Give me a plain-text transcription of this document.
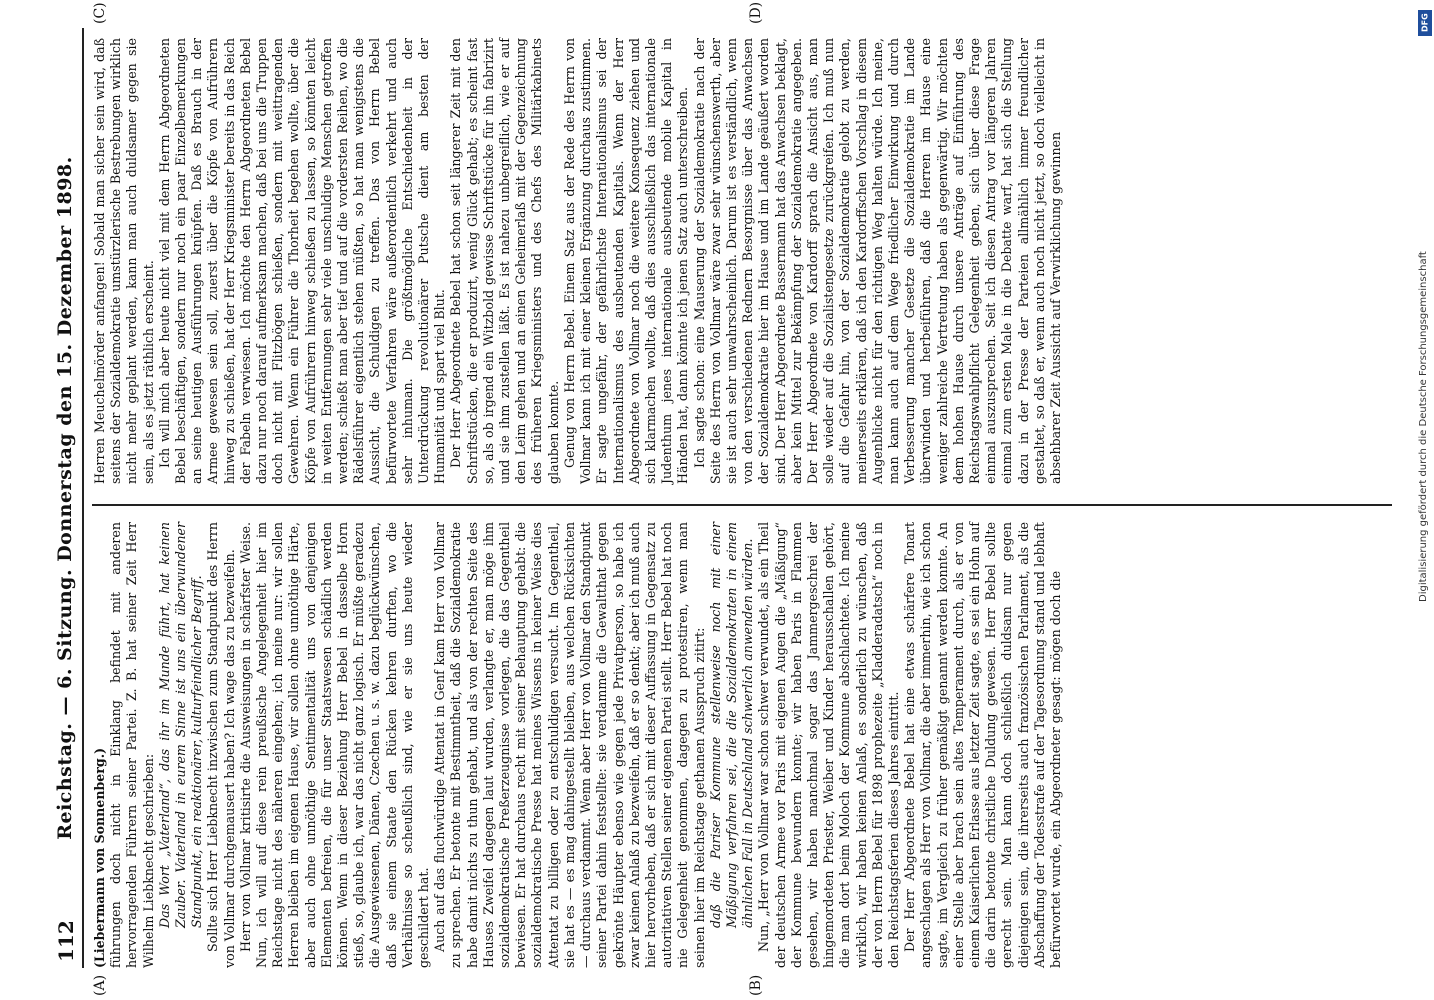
112
Reichstag. — 6. Sitzung. Donnerstag den 15. Dezember 1898.

(Liebermann von Sonnenberg.) führungen doch nicht in Einklang befindet mit anderen hervorragenden Führern seiner Partei. Z. B. hat seiner Zeit Herr Wilhelm Liebknecht geschrieben: Das Wort „Vaterland“, das ihr im Munde führt, hat keinen Zauber. Vaterland in eurem Sinne ist uns ein überwundener Standpunkt, ein reaktionärer, kulturfeindlicher Begriff. Sollte sich Herr Liebknecht inzwischen zum Standpunkt des Herrn von Vollmar durchgemausert haben? Ich wage das zu bezweifeln. Herr von Vollmar kritisirte die Ausweisungen in schärfster Weise. Nun, ich will auf diese rein preußische Angelegenheit hier im Reichstage nicht des näheren eingehen; ich meine nur: wir sollen Herren bleiben im eigenen Hause, wir sollen ohne unnöthige Härte, aber auch ohne unnöthige Sentimentalität uns von denjenigen Elementen befreien, die für unser Staatswesen schädlich werden können. Wenn in dieser Beziehung Herr Bebel in dasselbe Horn stieß, so, glaube ich, war das nicht ganz logisch. Er müßte geradezu die Ausgewiesenen, Dänen, Czechen u. s. w. dazu beglückwünschen, daß sie einem Staate den Rücken kehren durften, wo die Verhältnisse so scheußlich sind, wie er sie uns heute wieder geschildert hat. Auch auf das fluchwürdige Attentat in Genf kam Herr von Vollmar zu sprechen. Er betonte mit Bestimmtheit, daß die Sozialdemokratie habe damit nichts zu thun gehabt, und als von der rechten Seite des Hauses Zweifel dagegen laut wurden, verlangte er, man möge ihm sozialdemokratische Preßerzeugnisse vorlegen, die das Gegentheil bewiesen. Er hat durchaus recht mit seiner Behauptung gehabt: die sozialdemokratische Presse hat meines Wissens in keiner Weise dies Attentat zu billigen oder zu entschuldigen versucht. Im Gegentheil, sie hat es — es mag dahingestellt bleiben, aus welchen Rücksichten — durchaus verdammt. Wenn aber Herr von Vollmar den Standpunkt seiner Partei dahin feststellte: sie verdamme die Gewaltthat gegen gekrönte Häupter ebenso wie gegen jede Privatperson, so habe ich zwar keinen Anlaß zu bezweifeln, daß er so denkt; aber ich muß auch hier hervorheben, daß er sich mit dieser Auffassung in Gegensatz zu autoritativen Stellen seiner eigenen Partei stellt. Herr Bebel hat noch nie Gelegenheit genommen, dagegen zu protestiren, wenn man seinen hier im Reichstage gethanen Ausspruch zitirt: daß die Pariser Kommune stellenweise noch mit einer Mäßigung verfahren sei, die die Sozialdemokraten in einem ähnlichen Fall in Deutschland schwerlich anwenden würden. Nun, „Herr von Vollmar war schon schwer verwundet, als ein Theil der deutschen Armee vor Paris mit eigenen Augen die „Mäßigung“ der Kommune bewundern konnte; wir haben Paris in Flammen gesehen, wir haben manchmal sogar das Jammergeschrei der hingemordeten Priester, Weiber und Kinder herausschallen gehört, die man dort beim Moloch der Kommune abschlachtete. Ich meine wirklich, wir haben keinen Anlaß, es sonderlich zu wünschen, daß der von Herrn Bebel für 1898 prophezeite „Kladderadatsch“ noch in den Reichstagsferien dieses Jahres eintritt. Der Herr Abgeordnete Bebel hat eine etwas schärfere Tonart angeschlagen als Herr von Vollmar, die aber immerhin, wie ich schon sagte, im Vergleich zu früher gemäßigt genannt werden konnte. An einer Stelle aber brach sein altes Temperament durch, als er von einem Kaiserlichen Erlasse aus letzter Zeit sagte, es sei ein Hohn auf die darin betonte christliche Duldung gewesen. Herr Bebel sollte gerecht sein. Man kann doch schließlich duldsam nur gegen diejenigen sein, die ihrerseits auch französischen Parlament, als die Abschaffung der Todesstrafe auf der Tagesordnung stand und lebhaft befürwortet wurde, ein Abgeordneter gesagt: mögen doch die

Herren Meuchelmörder anfangen! Sobald man sicher sein wird, daß seitens der Sozialdemokratie umstürzlerische Bestrebungen wirklich nicht mehr geplant werden, kann man auch duldsamer gegen sie sein, als es jetzt räthlich erscheint. Ich will mich aber heute nicht viel mit dem Herrn Abgeordneten Bebel beschäftigen, sondern nur noch ein paar Einzelbemerkungen an seine heutigen Ausführungen knüpfen. Daß es Brauch in der Armee gewesen sein soll, zuerst über die Köpfe von Aufrührern hinweg zu schießen, hat der Herr Kriegsminister bereits in das Reich der Fabeln verwiesen. Ich möchte den Herrn Abgeordneten Bebel dazu nur noch darauf aufmerksam machen, daß bei uns die Truppen doch nicht mit Flitzbögen schießen, sondern mit weittragenden Gewehren. Wenn ein Führer die Thorheit begehen wollte, über die Köpfe von Aufrührern hinweg schießen zu lassen, so könnten leicht in weiten Entfernungen sehr viele unschuldige Menschen getroffen werden; schießt man aber tief und auf die vordersten Reihen, wo die Rädelsführer eigentlich stehen müßten, so hat man wenigstens die Aussicht, die Schuldigen zu treffen. Das von Herrn Bebel befürwortete Verfahren wäre außerordentlich verkehrt und auch sehr inhuman. Die größtmögliche Entschiedenheit in der Unterdrückung revolutionärer Putsche dient am besten der Humanität und spart viel Blut. Der Herr Abgeordnete Bebel hat schon seit längerer Zeit mit den Schriftstücken, die er produzirt, wenig Glück gehabt; es scheint fast so, als ob irgend ein Witzbold gewisse Schriftstücke für ihn fabrizirt und sie ihm zustellen läßt. Es ist nahezu unbegreiflich, wie er auf den Leim gehen und an einen Geheimerlaß mit der Gegenzeichnung des früheren Kriegsministers und des Chefs des Militärkabinets glauben konnte. Genug von Herrn Bebel. Einem Satz aus der Rede des Herrn von Vollmar kann ich mit einer kleinen Ergänzung durchaus zustimmen. Er sagte ungefähr, der gefährlichste Internationalismus sei der Internationalismus des ausbeutenden Kapitals. Wenn der Herr Abgeordnete von Vollmar noch die weitere Konsequenz ziehen und sich klarmachen wollte, daß dies ausschließlich das internationale Judenthum jenes internationale ausbeutende mobile Kapital in Händen hat, dann könnte ich jenen Satz auch unterschreiben. Ich sagte schon: eine Mauserung der Sozialdemokratie nach der Seite des Herrn von Vollmar wäre zwar sehr wünschenswerth, aber sie ist auch sehr unwahrscheinlich. Darum ist es verständlich, wenn von den verschiedenen Rednern Besorgnisse über das Anwachsen der Sozialdemokratie hier im Hause und im Lande geäußert worden sind. Der Herr Abgeordnete Bassermann hat das Anwachsen beklagt, aber kein Mittel zur Bekämpfung der Sozialdemokratie angegeben. Der Herr Abgeordnete von Kardorff sprach die Ansicht aus, man solle wieder auf die Sozialistengesetze zurückgreifen. Ich muß nun auf die Gefahr hin, von der Sozialdemokratie gelobt zu werden, meinerseits erklären, daß ich den Kardorffschen Vorschlag in diesem Augenblicke nicht für den richtigen Weg halten würde. Ich meine, man kann auch auf dem Wege friedlicher Einwirkung und durch Verbesserung mancher Gesetze die Sozialdemokratie im Lande überwinden und herbeiführen, daß die Herren im Hause eine weniger zahlreiche Vertretung haben als gegenwärtig. Wir möchten dem hohen Hause durch unsere Anträge auf Einführung des Reichstagswahlpflicht Gelegenheit geben, sich über diese Frage einmal auszusprechen. Seit ich diesen Antrag vor längeren Jahren einmal zum ersten Male in die Debatte warf, hat sich die Stellung dazu in der Presse der Parteien allmählich immer freundlicher gestaltet, so daß er, wenn auch noch nicht jetzt, so doch vielleicht in absehbarer Zeit Aussicht auf Verwirklichung gewinnen

(A)	(B)
(C)	(D)	DFG
Digitalisierung gefördert durch die Deutsche Forschungsgemeinschaft
